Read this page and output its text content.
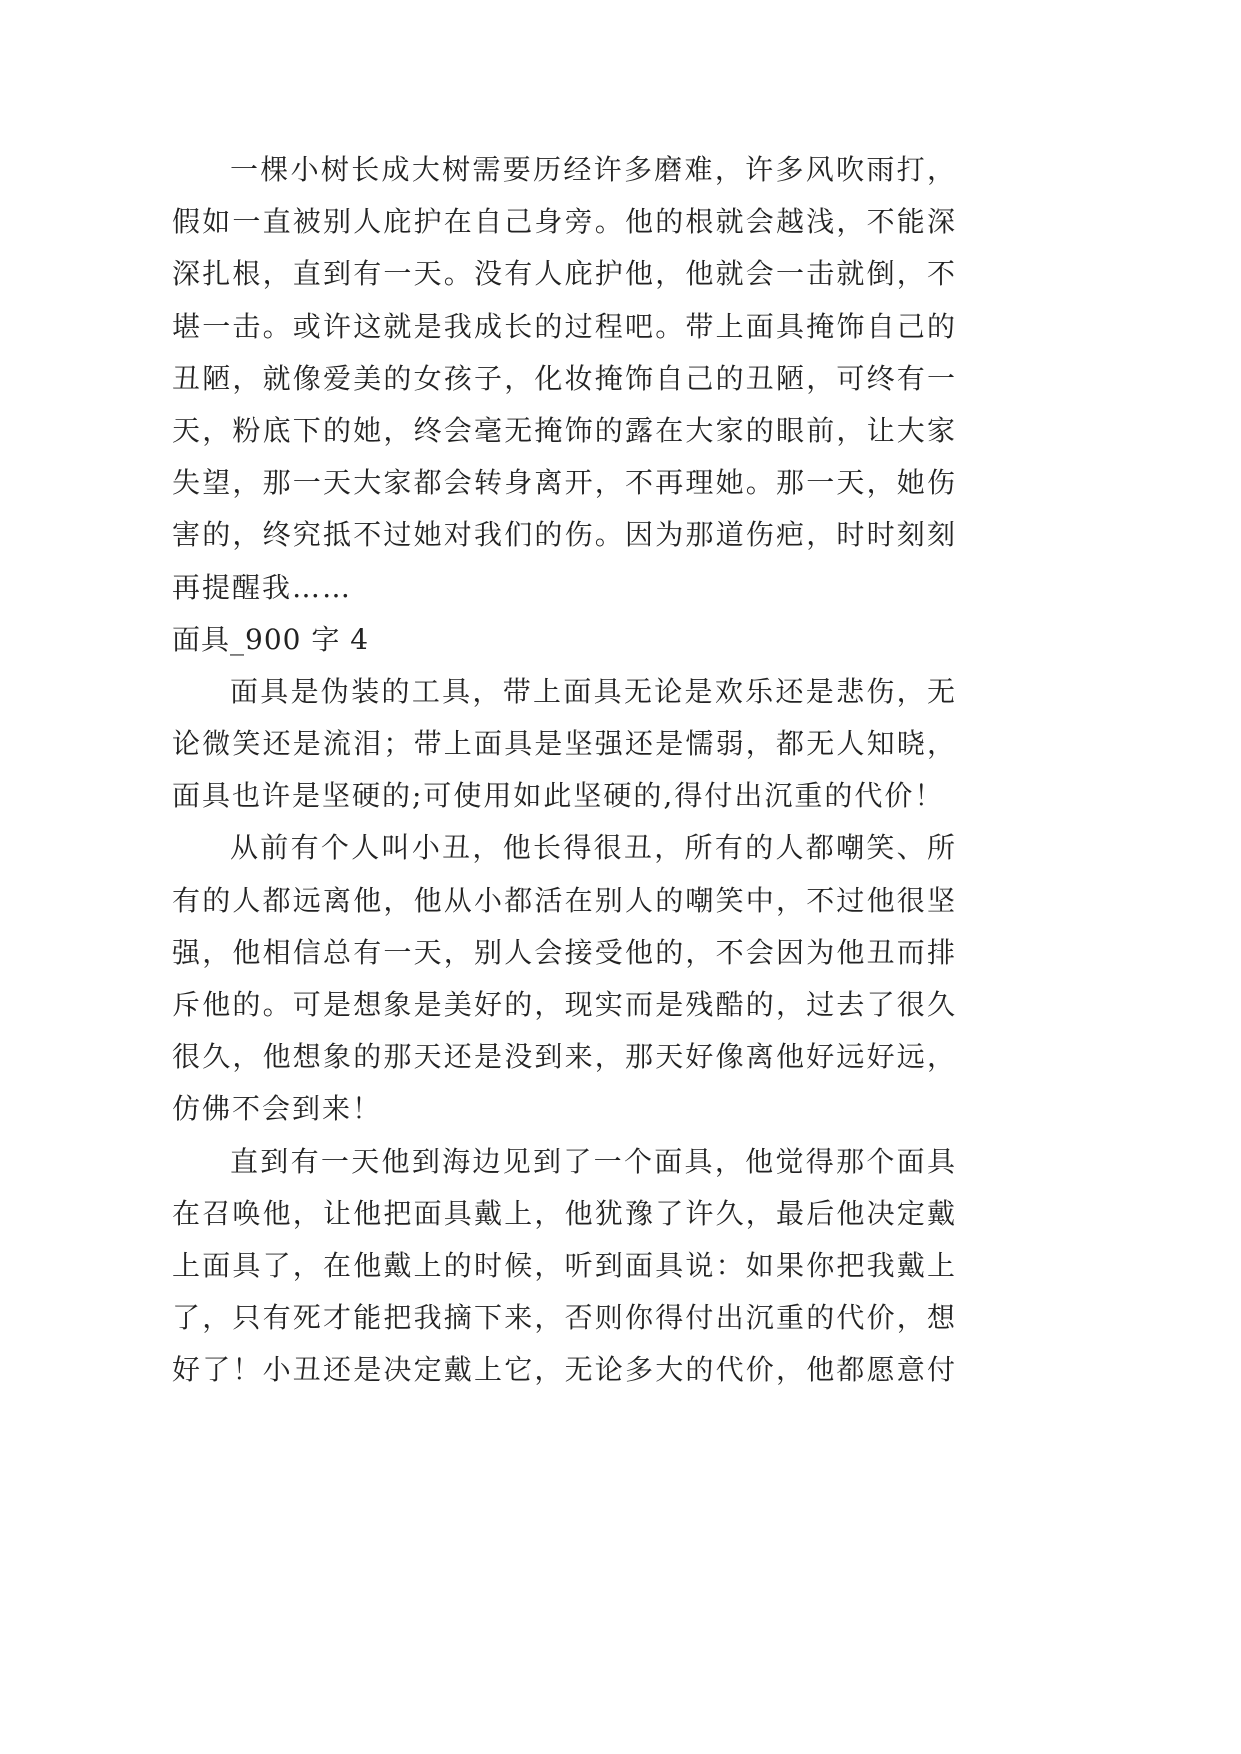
一棵小树长成大树需要历经许多磨难，许多风吹雨打，
假如一直被别人庇护在自己身旁。他的根就会越浅，不能深
深扎根，直到有一天。没有人庇护他，他就会一击就倒，不
堪一击。或许这就是我成长的过程吧。带上面具掩饰自己的
丑陋，就像爱美的女孩子，化妆掩饰自己的丑陋，可终有一
天，粉底下的她，终会毫无掩饰的露在大家的眼前，让大家
失望，那一天大家都会转身离开，不再理她。那一天，她伤
害的，终究抵不过她对我们的伤。因为那道伤疤，时时刻刻
再提醒我……
面具_900 字 4
面具是伪装的工具，带上面具无论是欢乐还是悲伤，无
论微笑还是流泪；带上面具是坚强还是懦弱，都无人知晓，
面具也许是坚硬的;可使用如此坚硬的,得付出沉重的代价！
从前有个人叫小丑，他长得很丑，所有的人都嘲笑、所
有的人都远离他，他从小都活在别人的嘲笑中，不过他很坚
强，他相信总有一天，别人会接受他的，不会因为他丑而排
斥他的。可是想象是美好的，现实而是残酷的，过去了很久
很久，他想象的那天还是没到来，那天好像离他好远好远，
仿佛不会到来！
直到有一天他到海边见到了一个面具，他觉得那个面具
在召唤他，让他把面具戴上，他犹豫了许久，最后他决定戴
上面具了，在他戴上的时候，听到面具说：如果你把我戴上
了，只有死才能把我摘下来，否则你得付出沉重的代价，想
好了！小丑还是决定戴上它，无论多大的代价，他都愿意付
